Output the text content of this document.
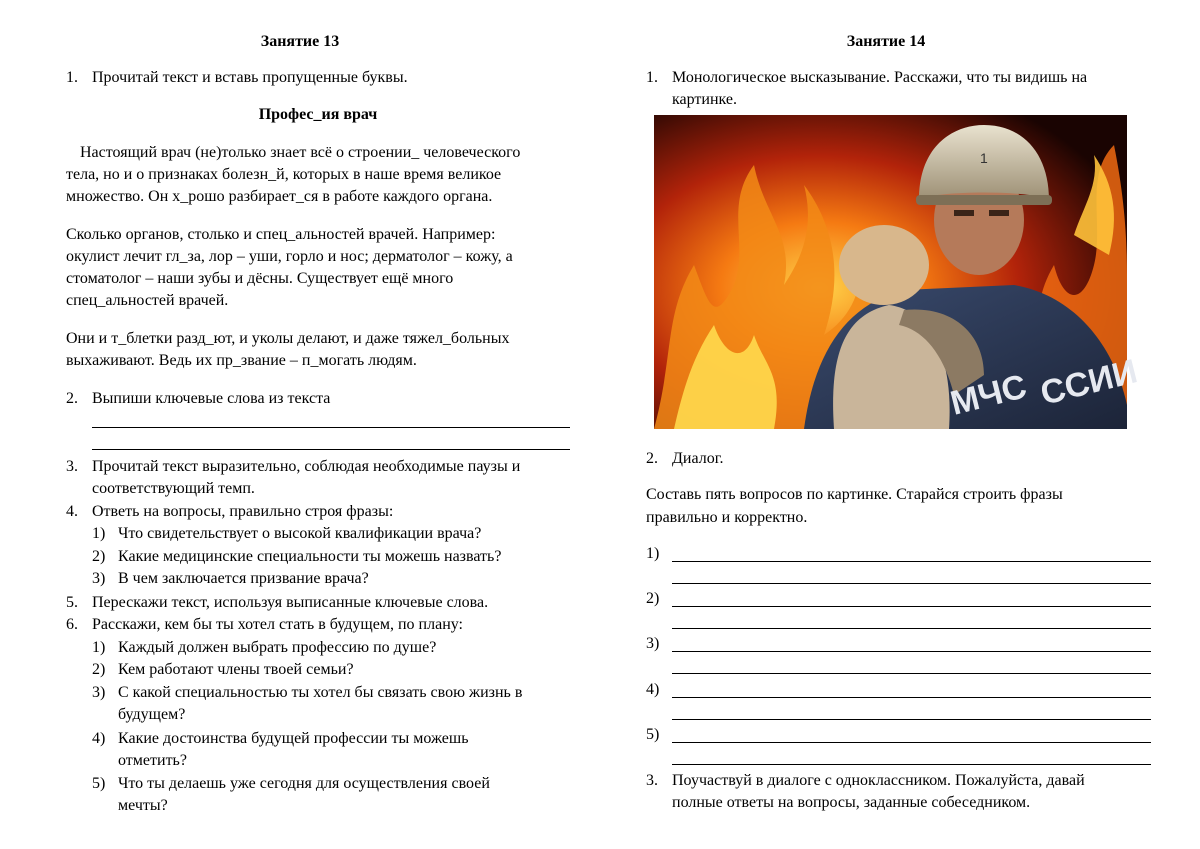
Занятие 13
1. Прочитай текст и вставь пропущенные буквы.
Профес_ия врач
Настоящий врач (не)только знает всё о строении_ человеческого
тела, но и о признаках болезн_й, которых в наше время великое
множество. Он х_рошо разбирает_ся в работе каждого органа.
Сколько органов, столько и спец_альностей врачей. Например:
окулист лечит гл_за, лор – уши, горло и нос; дерматолог – кожу, а
стоматолог – наши зубы и дёсны. Существует ещё много
спец_альностей врачей.
Они и т_блетки разд_ют, и уколы делают, и даже тяжел_больных
выхаживают. Ведь их пр_звание – п_могать людям.
2. Выпиши ключевые слова из текста
3. Прочитай текст выразительно, соблюдая необходимые паузы и
соответствующий темп.
4. Ответь на вопросы, правильно строя фразы:
1) Что свидетельствует о высокой квалификации врача?
2) Какие медицинские специальности ты можешь назвать?
3) В чем заключается призвание врача?
5. Перескажи текст, используя выписанные ключевые слова.
6. Расскажи, кем бы ты хотел стать в будущем, по плану:
1) Каждый должен выбрать профессию по душе?
2) Кем работают члены твоей семьи?
3) С какой специальностью ты хотел бы связать свою жизнь в
будущем?
4) Какие достоинства будущей профессии ты можешь
отметить?
5) Что ты делаешь уже сегодня для осуществления своей
мечты?
Занятие 14
1. Монологическое высказывание. Расскажи, что ты видишь на
картинке.
1
МЧС ССИИ
2. Диалог.
Составь пять вопросов по картинке. Старайся строить фразы
правильно и корректно.
1)
2)
3)
4)
5)
3. Поучаствуй в диалоге с одноклассником. Пожалуйста, давай
полные ответы на вопросы, заданные собеседником.
